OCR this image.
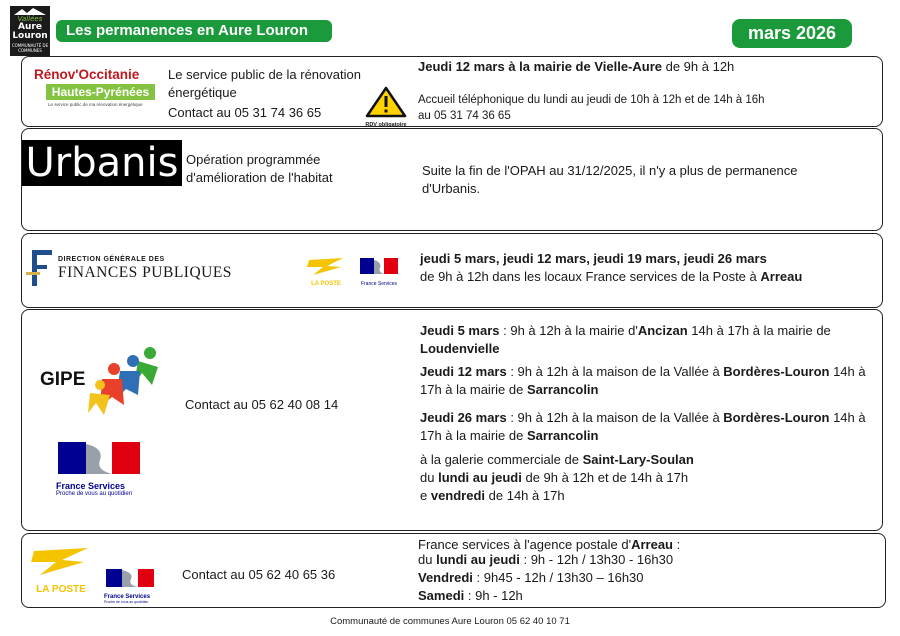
Vallées
Aure
Louron
COMMUNAUTÉ DE COMMUNES
Les permanences en Aure Louron	mars 2026
Rénov'Occitanie
Hautes-Pyrénées
Le service public de ma rénovation énergétique
Le service public de la rénovation énergétique
Contact au 05 31 74 36 65
RDV obligatoire
Jeudi 12 mars à la mairie de Vielle-Aure de 9h à 12h
Accueil téléphonique du lundi au jeudi de 10h à 12h et de 14h à 16h
au 05 31 74 36 65
Urbanis Opération programmée d'amélioration de l'habitat	Suite la fin de l'OPAH au 31/12/2025, il n'y a plus de permanence d'Urbanis.
DIRECTION GÉNÉRALE DES
FINANCES PUBLIQUES
LA POSTE	France Services
jeudi 5 mars, jeudi 12 mars, jeudi 19 mars, jeudi 26 mars
de 9h à 12h dans les locaux France services de la Poste à Arreau
GIPE
France Services
Proche de vous au quotidien
Contact au 05 62 40 08 14
Jeudi 5 mars : 9h à 12h à la mairie d'Ancizan 14h à 17h à la mairie de Loudenvielle
Jeudi 12 mars : 9h à 12h à la maison de la Vallée à Bordères-Louron 14h à 17h à la mairie de Sarrancolin
Jeudi 26 mars : 9h à 12h à la maison de la Vallée à Bordères-Louron 14h à 17h à la mairie de Sarrancolin
à la galerie commerciale de Saint-Lary-Soulan
du lundi au jeudi de 9h à 12h et de 14h à 17h
e vendredi de 14h à 17h
LA POSTE
France Services
Proche de vous au quotidien
Contact au 05 62 40 65 36
France services à l'agence postale d'Arreau :
du lundi au jeudi : 9h - 12h / 13h30 - 16h30
Vendredi : 9h45 - 12h / 13h30 – 16h30
Samedi : 9h - 12h
Communauté de communes Aure Louron 05 62 40 10 71
